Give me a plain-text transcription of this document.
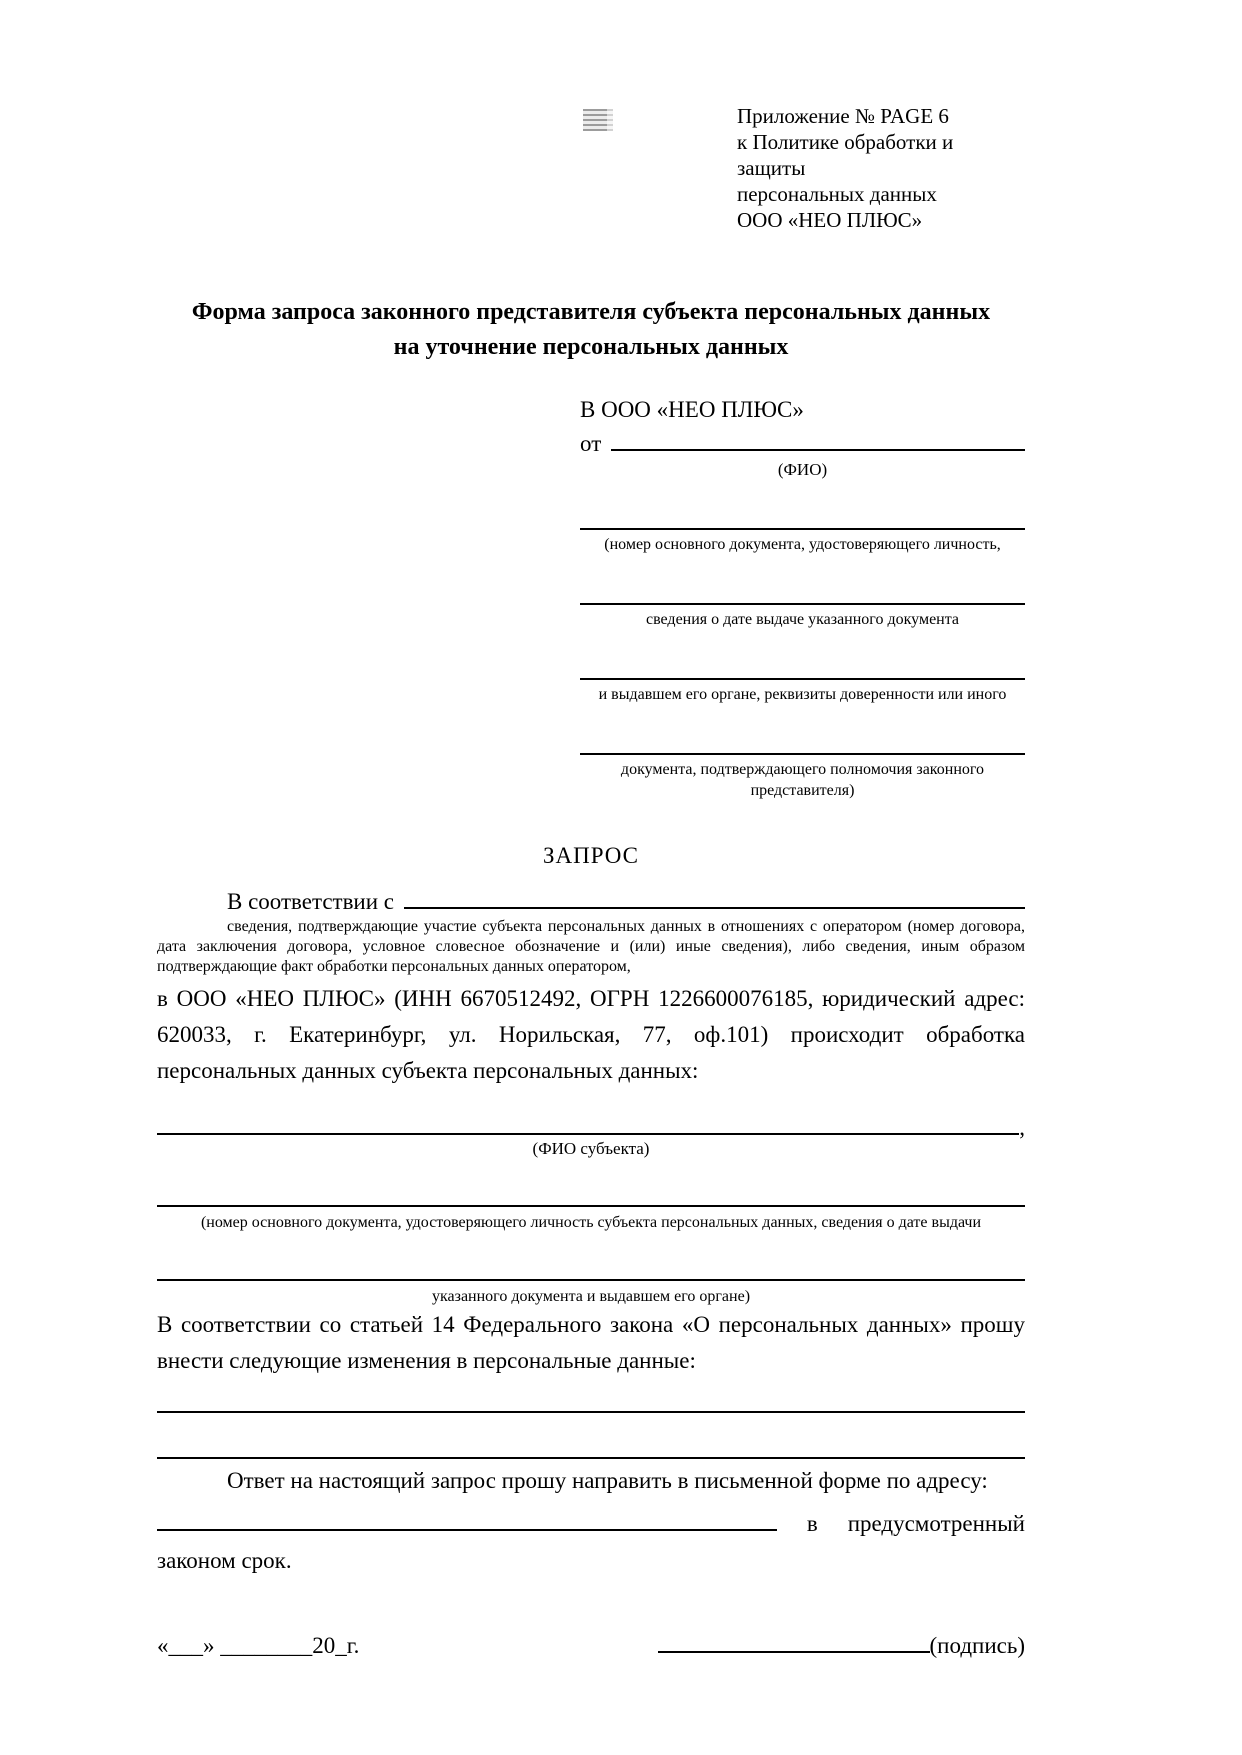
Приложение № PAGE 6
к Политике обработки и защиты
персональных данных
ООО «НЕО ПЛЮС»
Форма запроса законного представителя субъекта персональных данных
на уточнение персональных данных
В ООО «НЕО ПЛЮС»
от
(ФИО)
(номер основного документа, удостоверяющего личность,
сведения о дате выдаче указанного документа
и выдавшем его органе, реквизиты доверенности или иного
документа, подтверждающего полномочия законного представителя)
ЗАПРОС
В соответствии с

сведения, подтверждающие участие субъекта персональных данных в отношениях с оператором (номер договора, дата заключения договора, условное словесное обозначение и (или) иные сведения), либо сведения, иным образом подтверждающие факт обработки персональных данных оператором,

в ООО «НЕО ПЛЮС» (ИНН 6670512492, ОГРН 1226600076185, юридический адрес: 620033, г. Екатеринбург, ул. Норильская, 77, оф.101) происходит обработка персональных данных субъекта персональных данных:

,
(ФИО субъекта)
(номер основного документа, удостоверяющего личность субъекта персональных данных, сведения о дате выдачи
указанного документа и выдавшем его органе)

В соответствии со статьей 14 Федерального закона «О персональных данных» прошу внести следующие изменения в персональные данные:

Ответ на настоящий запрос прошу направить в письменной форме по адресу:

в предусмотренный

законом срок.

«___» ________20_г.	(подпись)
